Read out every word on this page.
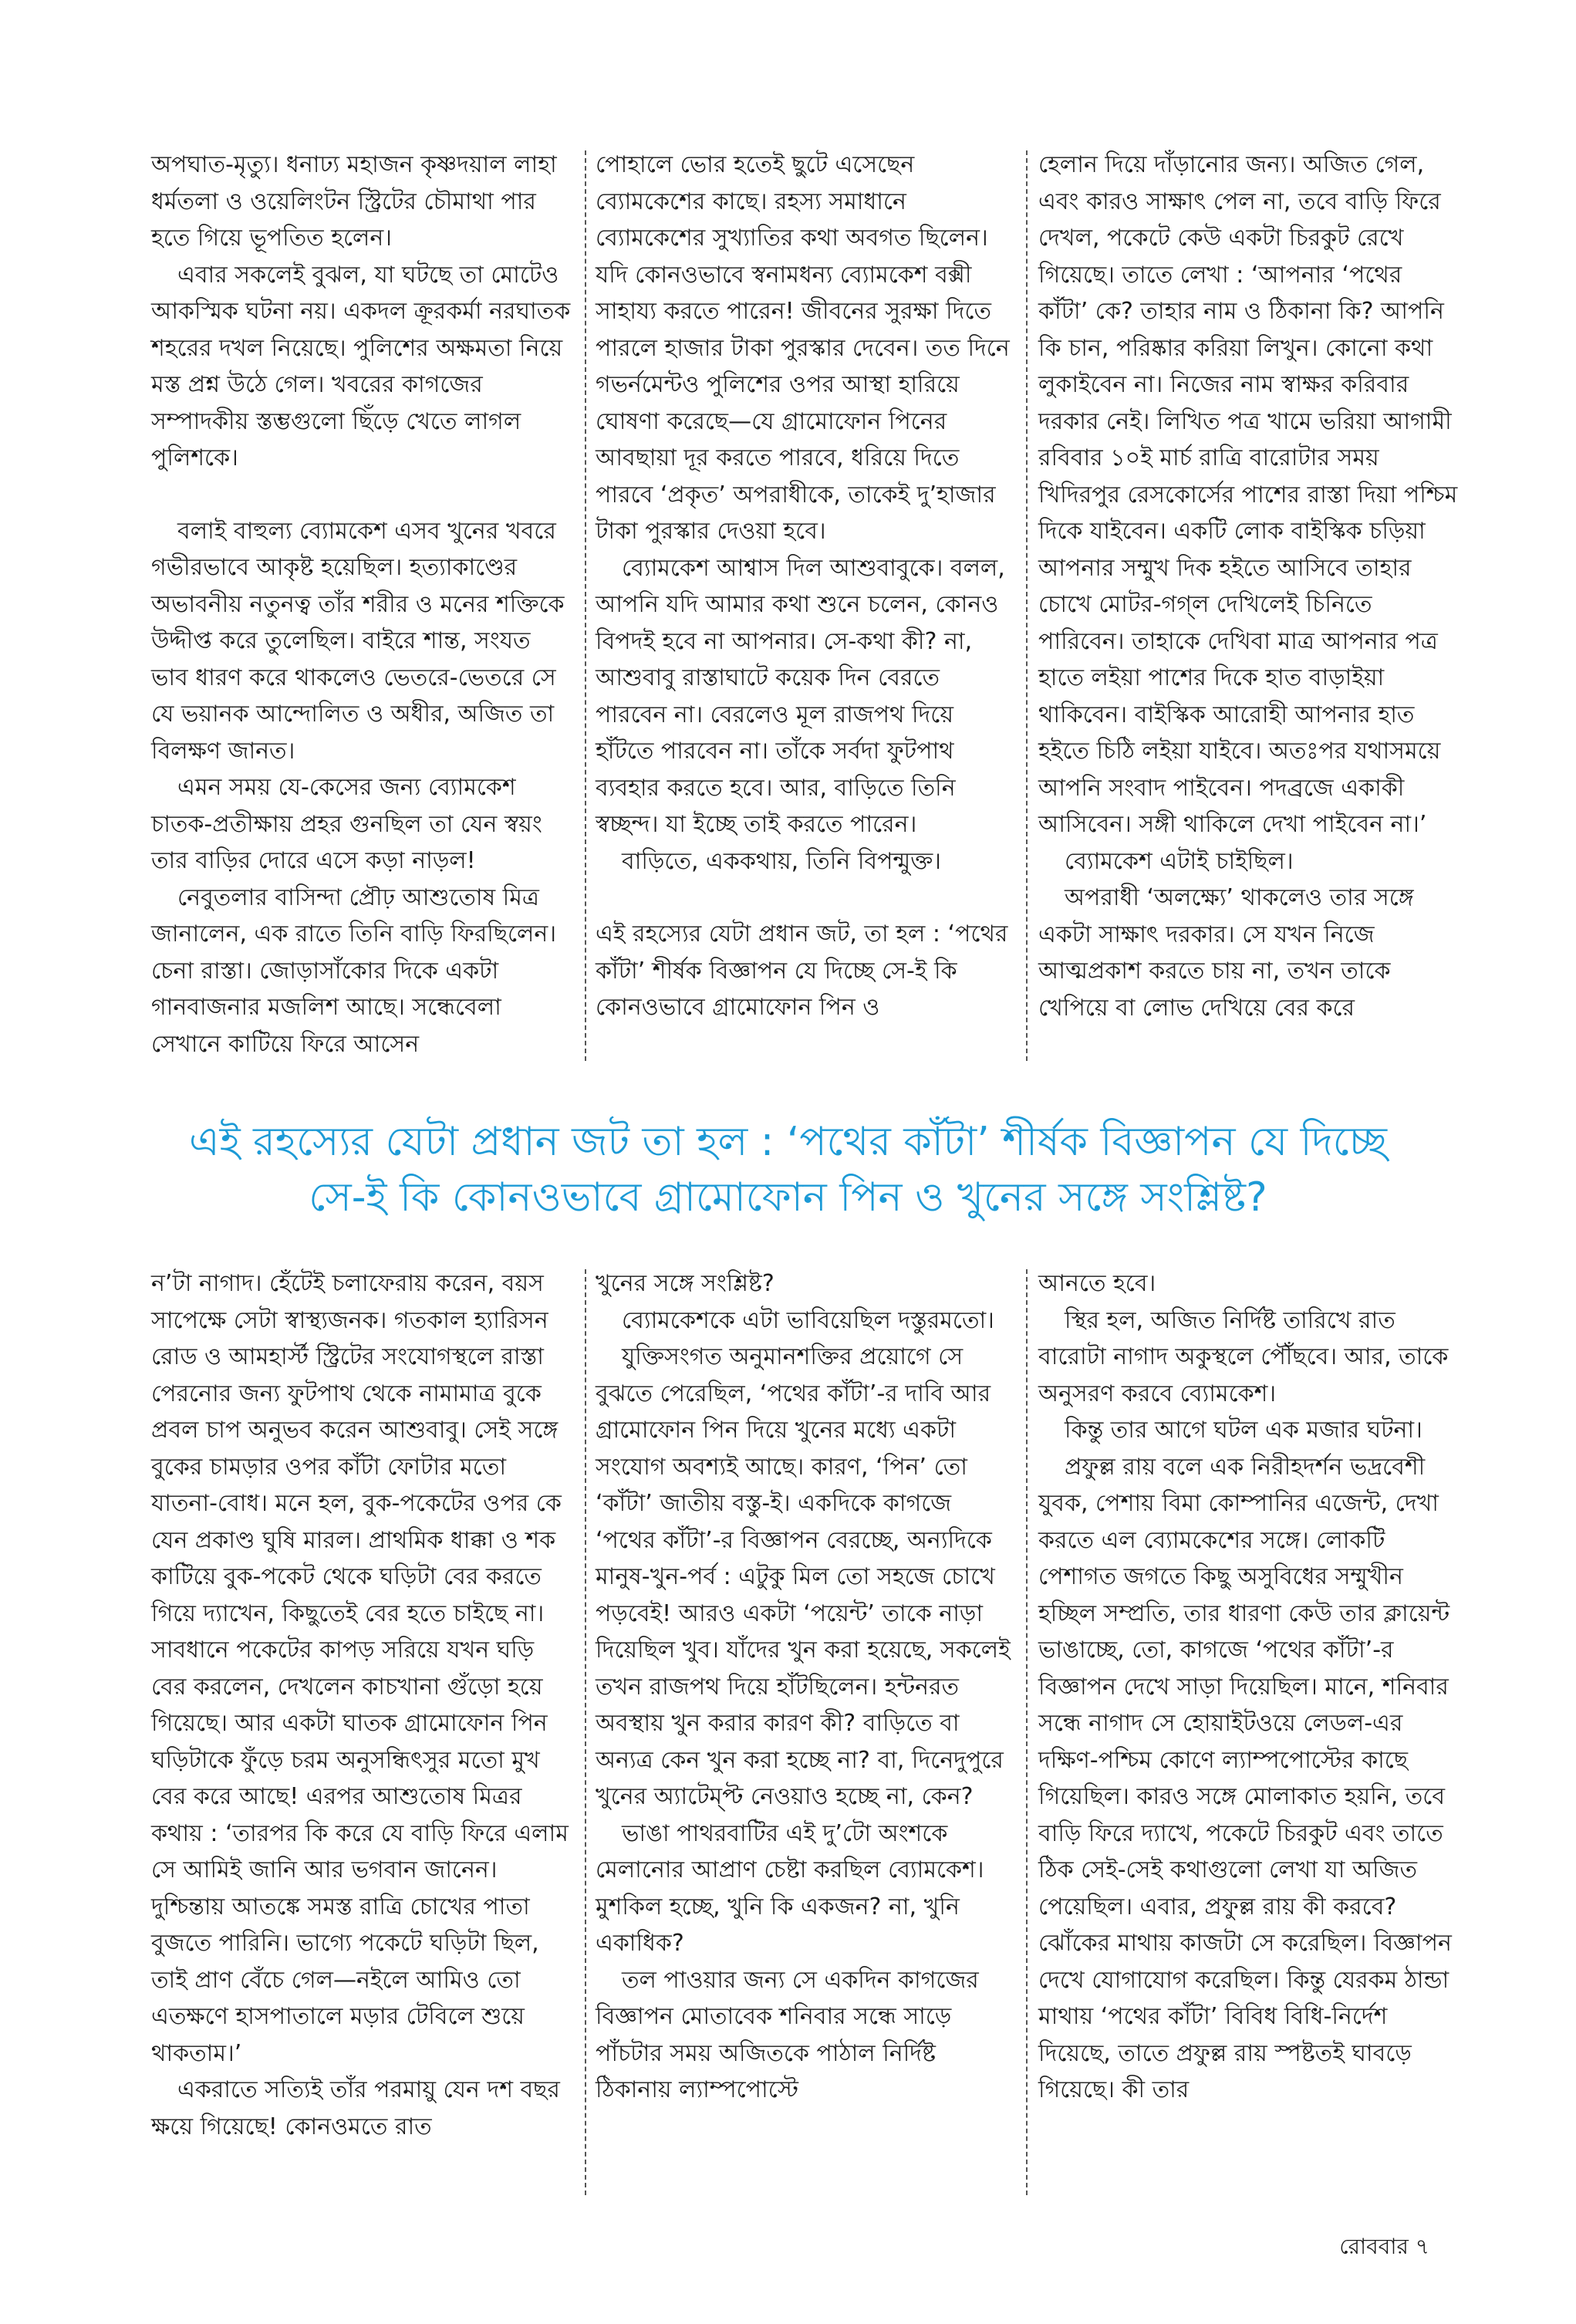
অপঘাত-মৃত্যু। ধনাঢ্য মহাজন কৃষ্ণদয়াল লাহা ধর্মতলা ও ওয়েলিংটন স্ট্রিটের চৌমাথা পার হতে গিয়ে ভূপতিত হলেন।

এবার সকলেই বুঝল, যা ঘটছে তা মোটেও আকস্মিক ঘটনা নয়। একদল ক্রূরকর্মা নরঘাতক শহরের দখল নিয়েছে। পুলিশের অক্ষমতা নিয়ে মস্ত প্রশ্ন উঠে গেল। খবরের কাগজের সম্পাদকীয় স্তম্ভগুলো ছিঁড়ে খেতে লাগল পুলিশকে।

বলাই বাহুল্য ব্যোমকেশ এসব খুনের খবরে গভীরভাবে আকৃষ্ট হয়েছিল। হত্যাকাণ্ডের অভাবনীয় নতুনত্ব তাঁর শরীর ও মনের শক্তিকে উদ্দীপ্ত করে তুলেছিল। বাইরে শান্ত, সংযত ভাব ধারণ করে থাকলেও ভেতরে-ভেতরে সে যে ভয়ানক আন্দোলিত ও অধীর, অজিত তা বিলক্ষণ জানত।

এমন সময় যে-কেসের জন্য ব্যোমকেশ চাতক-প্রতীক্ষায় প্রহর গুনছিল তা যেন স্বয়ং তার বাড়ির দোরে এসে কড়া নাড়ল!

নেবুতলার বাসিন্দা প্রৌঢ় আশুতোষ মিত্র জানালেন, এক রাতে তিনি বাড়ি ফিরছিলেন। চেনা রাস্তা। জোড়াসাঁকোর দিকে একটা গানবাজনার মজলিশ আছে। সন্ধেবেলা সেখানে কাটিয়ে ফিরে আসেন

পোহালে ভোর হতেই ছুটে এসেছেন ব্যোমকেশের কাছে। রহস্য সমাধানে ব্যোমকেশের সুখ্যাতির কথা অবগত ছিলেন। যদি কোনওভাবে স্বনামধন্য ব্যোমকেশ বক্সী সাহায্য করতে পারেন! জীবনের সুরক্ষা দিতে পারলে হাজার টাকা পুরস্কার দেবেন। তত দিনে গভর্নমেন্টও পুলিশের ওপর আস্থা হারিয়ে ঘোষণা করেছে—যে গ্রামোফোন পিনের আবছায়া দূর করতে পারবে, ধরিয়ে দিতে পারবে ‘প্রকৃত’ অপরাধীকে, তাকেই দু’হাজার টাকা পুরস্কার দেওয়া হবে।

ব্যোমকেশ আশ্বাস দিল আশুবাবুকে। বলল, আপনি যদি আমার কথা শুনে চলেন, কোনও বিপদই হবে না আপনার। সে-কথা কী? না, আশুবাবু রাস্তাঘাটে কয়েক দিন বেরতে পারবেন না। বেরলেও মূল রাজপথ দিয়ে হাঁটতে পারবেন না। তাঁকে সর্বদা ফুটপাথ ব্যবহার করতে হবে। আর, বাড়িতে তিনি স্বচ্ছন্দ। যা ইচ্ছে তাই করতে পারেন।

বাড়িতে, এককথায়, তিনি বিপন্মুক্ত।

এই রহস্যের যেটা প্রধান জট, তা হল : ‘পথের কাঁটা’ শীর্ষক বিজ্ঞাপন যে দিচ্ছে সে-ই কি কোনওভাবে গ্রামোফোন পিন ও

হেলান দিয়ে দাঁড়ানোর জন্য। অজিত গেল, এবং কারও সাক্ষাৎ পেল না, তবে বাড়ি ফিরে দেখল, পকেটে কেউ একটা চিরকুট রেখে গিয়েছে। তাতে লেখা : ‘আপনার ‘পথের কাঁটা’ কে? তাহার নাম ও ঠিকানা কি? আপনি কি চান, পরিষ্কার করিয়া লিখুন। কোনো কথা লুকাইবেন না। নিজের নাম স্বাক্ষর করিবার দরকার নেই। লিখিত পত্র খামে ভরিয়া আগামী রবিবার ১০ই মার্চ রাত্রি বারোটার সময় খিদিরপুর রেসকোর্সের পাশের রাস্তা দিয়া পশ্চিম দিকে যাইবেন। একটি লোক বাইস্কিক চড়িয়া আপনার সম্মুখ দিক হইতে আসিবে তাহার চোখে মোটর-গগ্‌ল দেখিলেই চিনিতে পারিবেন। তাহাকে দেখিবা মাত্র আপনার পত্র হাতে লইয়া পাশের দিকে হাত বাড়াইয়া থাকিবেন। বাইস্কিক আরোহী আপনার হাত হইতে চিঠি লইয়া যাইবে। অতঃপর যথাসময়ে আপনি সংবাদ পাইবেন। পদব্রজে একাকী আসিবেন। সঙ্গী থাকিলে দেখা পাইবেন না।’

ব্যোমকেশ এটাই চাইছিল।

অপরাধী ‘অলক্ষ্যে’ থাকলেও তার সঙ্গে একটা সাক্ষাৎ দরকার। সে যখন নিজে আত্মপ্রকাশ করতে চায় না, তখন তাকে খেপিয়ে বা লোভ দেখিয়ে বের করে

এই রহস্যের যেটা প্রধান জট তা হল : ‘পথের কাঁটা’ শীর্ষক বিজ্ঞাপন যে দিচ্ছে
সে-ই কি কোনওভাবে গ্রামোফোন পিন ও খুনের সঙ্গে সংশ্লিষ্ট?

ন’টা নাগাদ। হেঁটেই চলাফেরায় করেন, বয়স সাপেক্ষে সেটা স্বাস্থ্যজনক। গতকাল হ্যারিসন রোড ও আমহার্স্ট স্ট্রিটের সংযোগস্থলে রাস্তা পেরনোর জন্য ফুটপাথ থেকে নামামাত্র বুকে প্রবল চাপ অনুভব করেন আশুবাবু। সেই সঙ্গে বুকের চামড়ার ওপর কাঁটা ফোটার মতো যাতনা-বোধ। মনে হল, বুক-পকেটের ওপর কে যেন প্রকাণ্ড ঘুষি মারল। প্রাথমিক ধাক্কা ও শক কাটিয়ে বুক-পকেট থেকে ঘড়িটা বের করতে গিয়ে দ্যাখেন, কিছুতেই বের হতে চাইছে না। সাবধানে পকেটের কাপড় সরিয়ে যখন ঘড়ি বের করলেন, দেখলেন কাচখানা গুঁড়ো হয়ে গিয়েছে। আর একটা ঘাতক গ্রামোফোন পিন ঘড়িটাকে ফুঁড়ে চরম অনুসন্ধিৎসুর মতো মুখ বের করে আছে! এরপর আশুতোষ মিত্রর কথায় : ‘তারপর কি করে যে বাড়ি ফিরে এলাম সে আমিই জানি আর ভগবান জানেন। দুশ্চিন্তায় আতঙ্কে সমস্ত রাত্রি চোখের পাতা বুজতে পারিনি। ভাগ্যে পকেটে ঘড়িটা ছিল, তাই প্রাণ বেঁচে গেল—নইলে আমিও তো এতক্ষণে হাসপাতালে মড়ার টেবিলে শুয়ে থাকতাম।’

একরাতে সত্যিই তাঁর পরমায়ু যেন দশ বছর ক্ষয়ে গিয়েছে! কোনওমতে রাত

খুনের সঙ্গে সংশ্লিষ্ট?

ব্যোমকেশকে এটা ভাবিয়েছিল দস্তুরমতো।

যুক্তিসংগত অনুমানশক্তির প্রয়োগে সে বুঝতে পেরেছিল, ‘পথের কাঁটা’-র দাবি আর গ্রামোফোন পিন দিয়ে খুনের মধ্যে একটা সংযোগ অবশ্যই আছে। কারণ, ‘পিন’ তো ‘কাঁটা’ জাতীয় বস্তু-ই। একদিকে কাগজে ‘পথের কাঁটা’-র বিজ্ঞাপন বেরচ্ছে, অন্যদিকে মানুষ-খুন-পর্ব : এটুকু মিল তো সহজে চোখে পড়বেই! আরও একটা ‘পয়েন্ট’ তাকে নাড়া দিয়েছিল খুব। যাঁদের খুন করা হয়েছে, সকলেই তখন রাজপথ দিয়ে হাঁটছিলেন। হন্টনরত অবস্থায় খুন করার কারণ কী? বাড়িতে বা অন্যত্র কেন খুন করা হচ্ছে না? বা, দিনেদুপুরে খুনের অ্যাটেম্প্ট নেওয়াও হচ্ছে না, কেন?

ভাঙা পাথরবাটির এই দু’টো অংশকে মেলানোর আপ্রাণ চেষ্টা করছিল ব্যোমকেশ। মুশকিল হচ্ছে, খুনি কি একজন? না, খুনি একাধিক?

তল পাওয়ার জন্য সে একদিন কাগজের বিজ্ঞাপন মোতাবেক শনিবার সন্ধে সাড়ে পাঁচটার সময় অজিতকে পাঠাল নির্দিষ্ট ঠিকানায় ল্যাম্পপোস্টে

আনতে হবে।

স্থির হল, অজিত নির্দিষ্ট তারিখে রাত বারোটা নাগাদ অকুস্থলে পৌঁছবে। আর, তাকে অনুসরণ করবে ব্যোমকেশ।

কিন্তু তার আগে ঘটল এক মজার ঘটনা।

প্রফুল্ল রায় বলে এক নিরীহদর্শন ভদ্রবেশী যুবক, পেশায় বিমা কোম্পানির এজেন্ট, দেখা করতে এল ব্যোমকেশের সঙ্গে। লোকটি পেশাগত জগতে কিছু অসুবিধের সম্মুখীন হচ্ছিল সম্প্রতি, তার ধারণা কেউ তার ক্লায়েন্ট ভাঙাচ্ছে, তো, কাগজে ‘পথের কাঁটা’-র বিজ্ঞাপন দেখে সাড়া দিয়েছিল। মানে, শনিবার সন্ধে নাগাদ সে হোয়াইটওয়ে লেডল-এর দক্ষিণ-পশ্চিম কোণে ল্যাম্পপোস্টের কাছে গিয়েছিল। কারও সঙ্গে মোলাকাত হয়নি, তবে বাড়ি ফিরে দ্যাখে, পকেটে চিরকুট এবং তাতে ঠিক সেই-সেই কথাগুলো লেখা যা অজিত পেয়েছিল। এবার, প্রফুল্ল রায় কী করবে? ঝোঁকের মাথায় কাজটা সে করেছিল। বিজ্ঞাপন দেখে যোগাযোগ করেছিল। কিন্তু যেরকম ঠান্ডা মাথায় ‘পথের কাঁটা’ বিবিধ বিধি-নির্দেশ দিয়েছে, তাতে প্রফুল্ল রায় স্পষ্টতই ঘাবড়ে গিয়েছে। কী তার

রোববার ৭
